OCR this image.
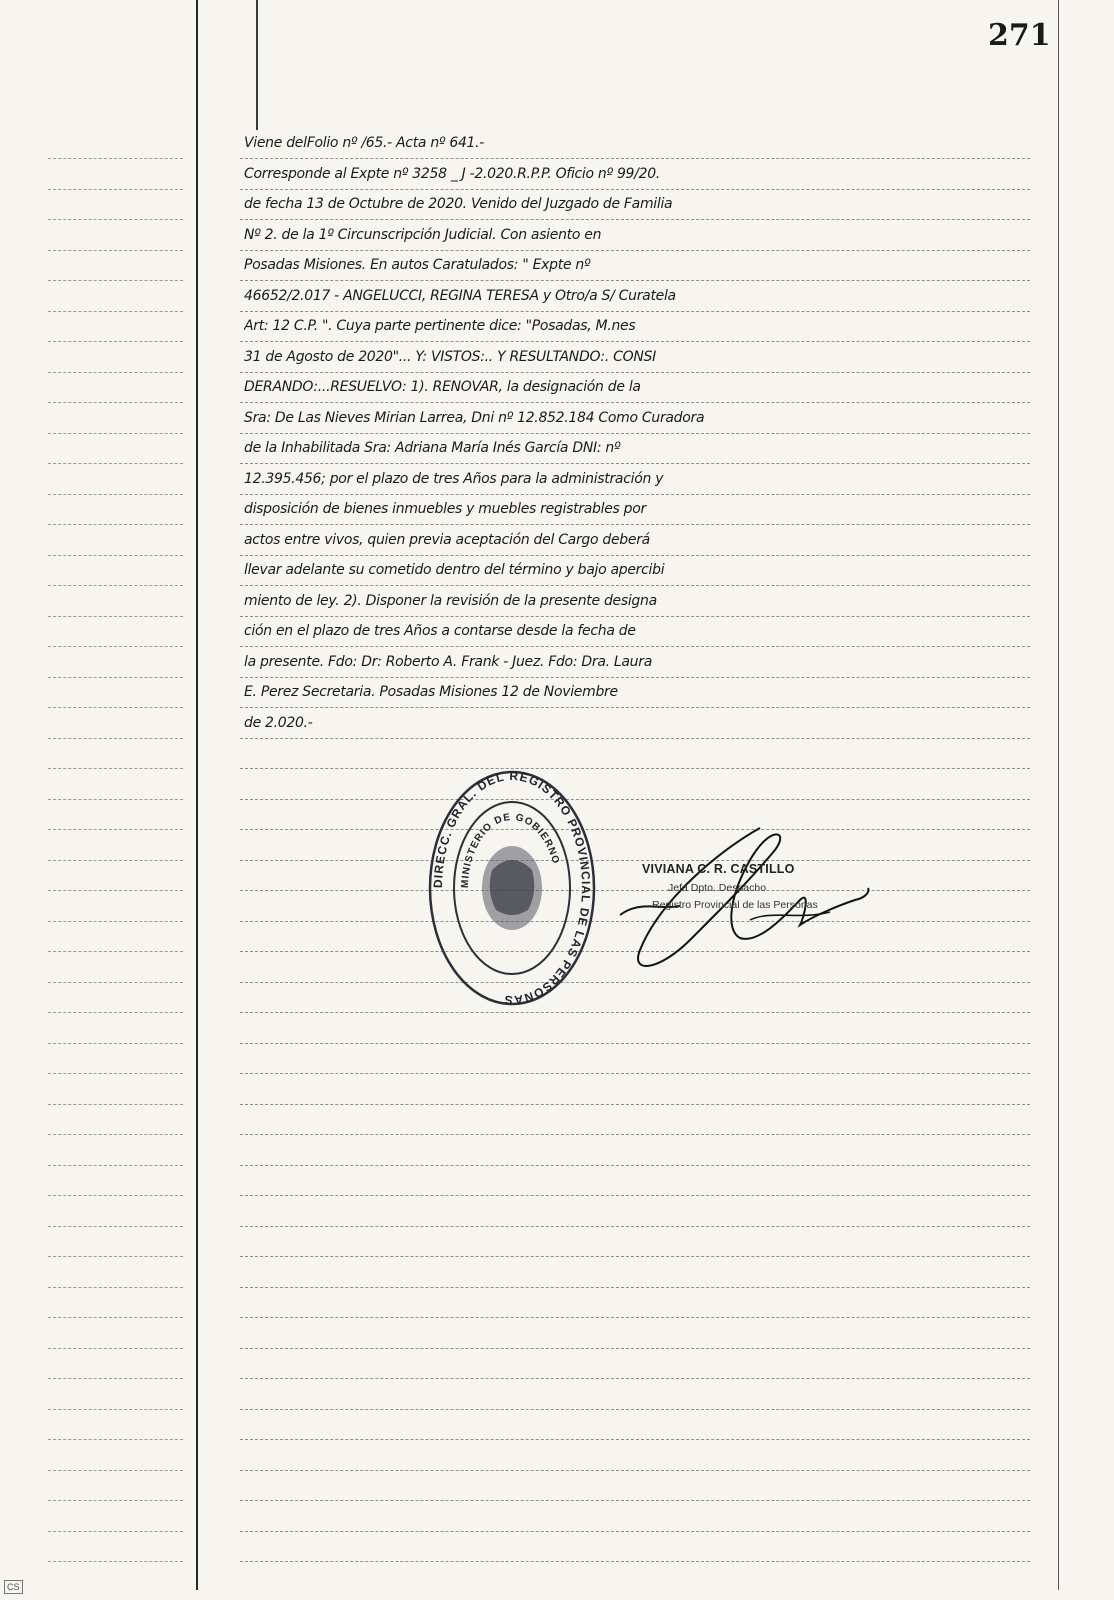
271
Viene delFolio nº /65.- Acta nº 641.-
Corresponde al Expte nº 3258 _ J -2.020.R.P.P. Oficio nº 99/20.
de fecha 13 de Octubre de 2020. Venido del Juzgado de Familia
Nº 2. de la 1º Circunscripción Judicial. Con asiento en
Posadas Misiones. En autos Caratulados: " Expte nº
46652/2.017 - ANGELUCCI, REGINA TERESA y Otro/a S/ Curatela
Art: 12 C.P. ". Cuya parte pertinente dice: "Posadas, M.nes
31 de Agosto de 2020"... Y: VISTOS:.. Y RESULTANDO:. CONSI
DERANDO:...RESUELVO: 1). RENOVAR, la designación de la
Sra: De Las Nieves Mirian Larrea, Dni nº 12.852.184 Como Curadora
de la Inhabilitada Sra: Adriana María Inés García DNI: nº
12.395.456; por el plazo de tres Años para la administración y
disposición de bienes inmuebles y muebles registrables por
actos entre vivos, quien previa aceptación del Cargo deberá
llevar adelante su cometido dentro del término y bajo apercibi
miento de ley. 2). Disponer la revisión de la presente designa
ción en el plazo de tres Años a contarse desde la fecha de
la presente. Fdo: Dr: Roberto A. Frank - Juez. Fdo: Dra. Laura
E. Perez Secretaria. Posadas Misiones 12 de Noviembre
de 2.020.-
DIRECC. GRAL. DEL REGISTRO PROVINCIAL DE LAS PERSONAS
MINISTERIO DE GOBIERNO
VIVIANA C. R. CASTILLO
Jefa Dpto. Despacho
Registro Provincial de las Personas
CS
